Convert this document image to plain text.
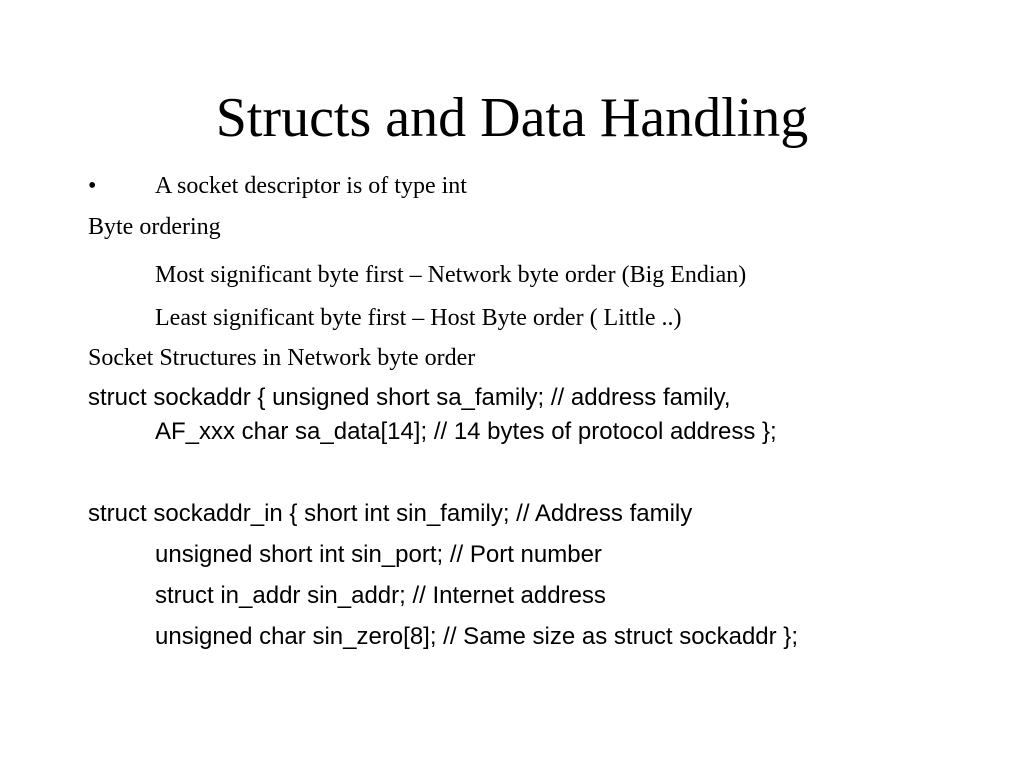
Structs and Data Handling
• A socket descriptor is of type int
Byte ordering
Most significant byte first – Network byte order (Big Endian)
Least significant byte first – Host Byte order ( Little ..)
Socket Structures in Network byte order
struct sockaddr { unsigned short sa_family; // address family,
AF_xxx char sa_data[14]; // 14 bytes of protocol address };
struct sockaddr_in { short int sin_family; // Address family
unsigned short int sin_port; // Port number
struct in_addr sin_addr; // Internet address
unsigned char sin_zero[8]; // Same size as struct sockaddr };
